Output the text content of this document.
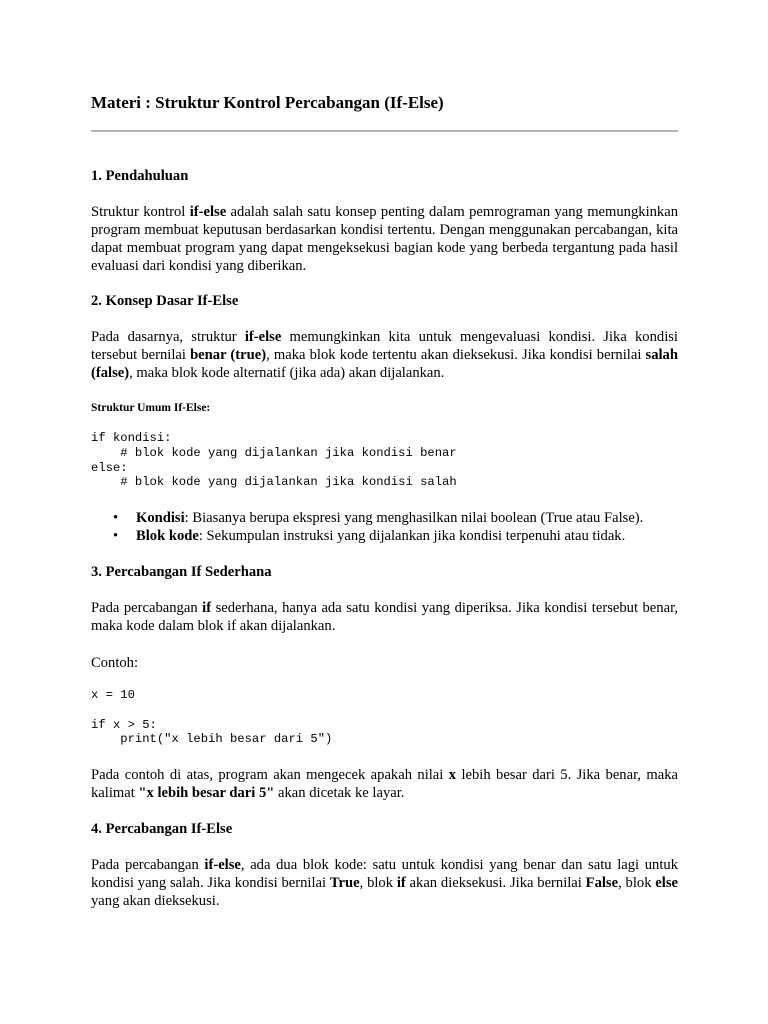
Materi : Struktur Kontrol Percabangan (If-Else)
1. Pendahuluan

Struktur kontrol if-else adalah salah satu konsep penting dalam pemrograman yang memungkinkan program membuat keputusan berdasarkan kondisi tertentu. Dengan menggunakan percabangan, kita dapat membuat program yang dapat mengeksekusi bagian kode yang berbeda tergantung pada hasil evaluasi dari kondisi yang diberikan.

2. Konsep Dasar If-Else

Pada dasarnya, struktur if-else memungkinkan kita untuk mengevaluasi kondisi. Jika kondisi tersebut bernilai benar (true), maka blok kode tertentu akan dieksekusi. Jika kondisi bernilai salah (false), maka blok kode alternatif (jika ada) akan dijalankan.

Struktur Umum If-Else:
if kondisi:
# blok kode yang dijalankan jika kondisi benar
else:
# blok kode yang dijalankan jika kondisi salah
• Kondisi: Biasanya berupa ekspresi yang menghasilkan nilai boolean (True atau False).
• Blok kode: Sekumpulan instruksi yang dijalankan jika kondisi terpenuhi atau tidak.
3. Percabangan If Sederhana

Pada percabangan if sederhana, hanya ada satu kondisi yang diperiksa. Jika kondisi tersebut benar, maka kode dalam blok if akan dijalankan.

Contoh:

x = 10

if x > 5:
print("x lebih besar dari 5")

Pada contoh di atas, program akan mengecek apakah nilai x lebih besar dari 5. Jika benar, maka kalimat "x lebih besar dari 5" akan dicetak ke layar.

4. Percabangan If-Else

Pada percabangan if-else, ada dua blok kode: satu untuk kondisi yang benar dan satu lagi untuk kondisi yang salah. Jika kondisi bernilai True, blok if akan dieksekusi. Jika bernilai False, blok else yang akan dieksekusi.
